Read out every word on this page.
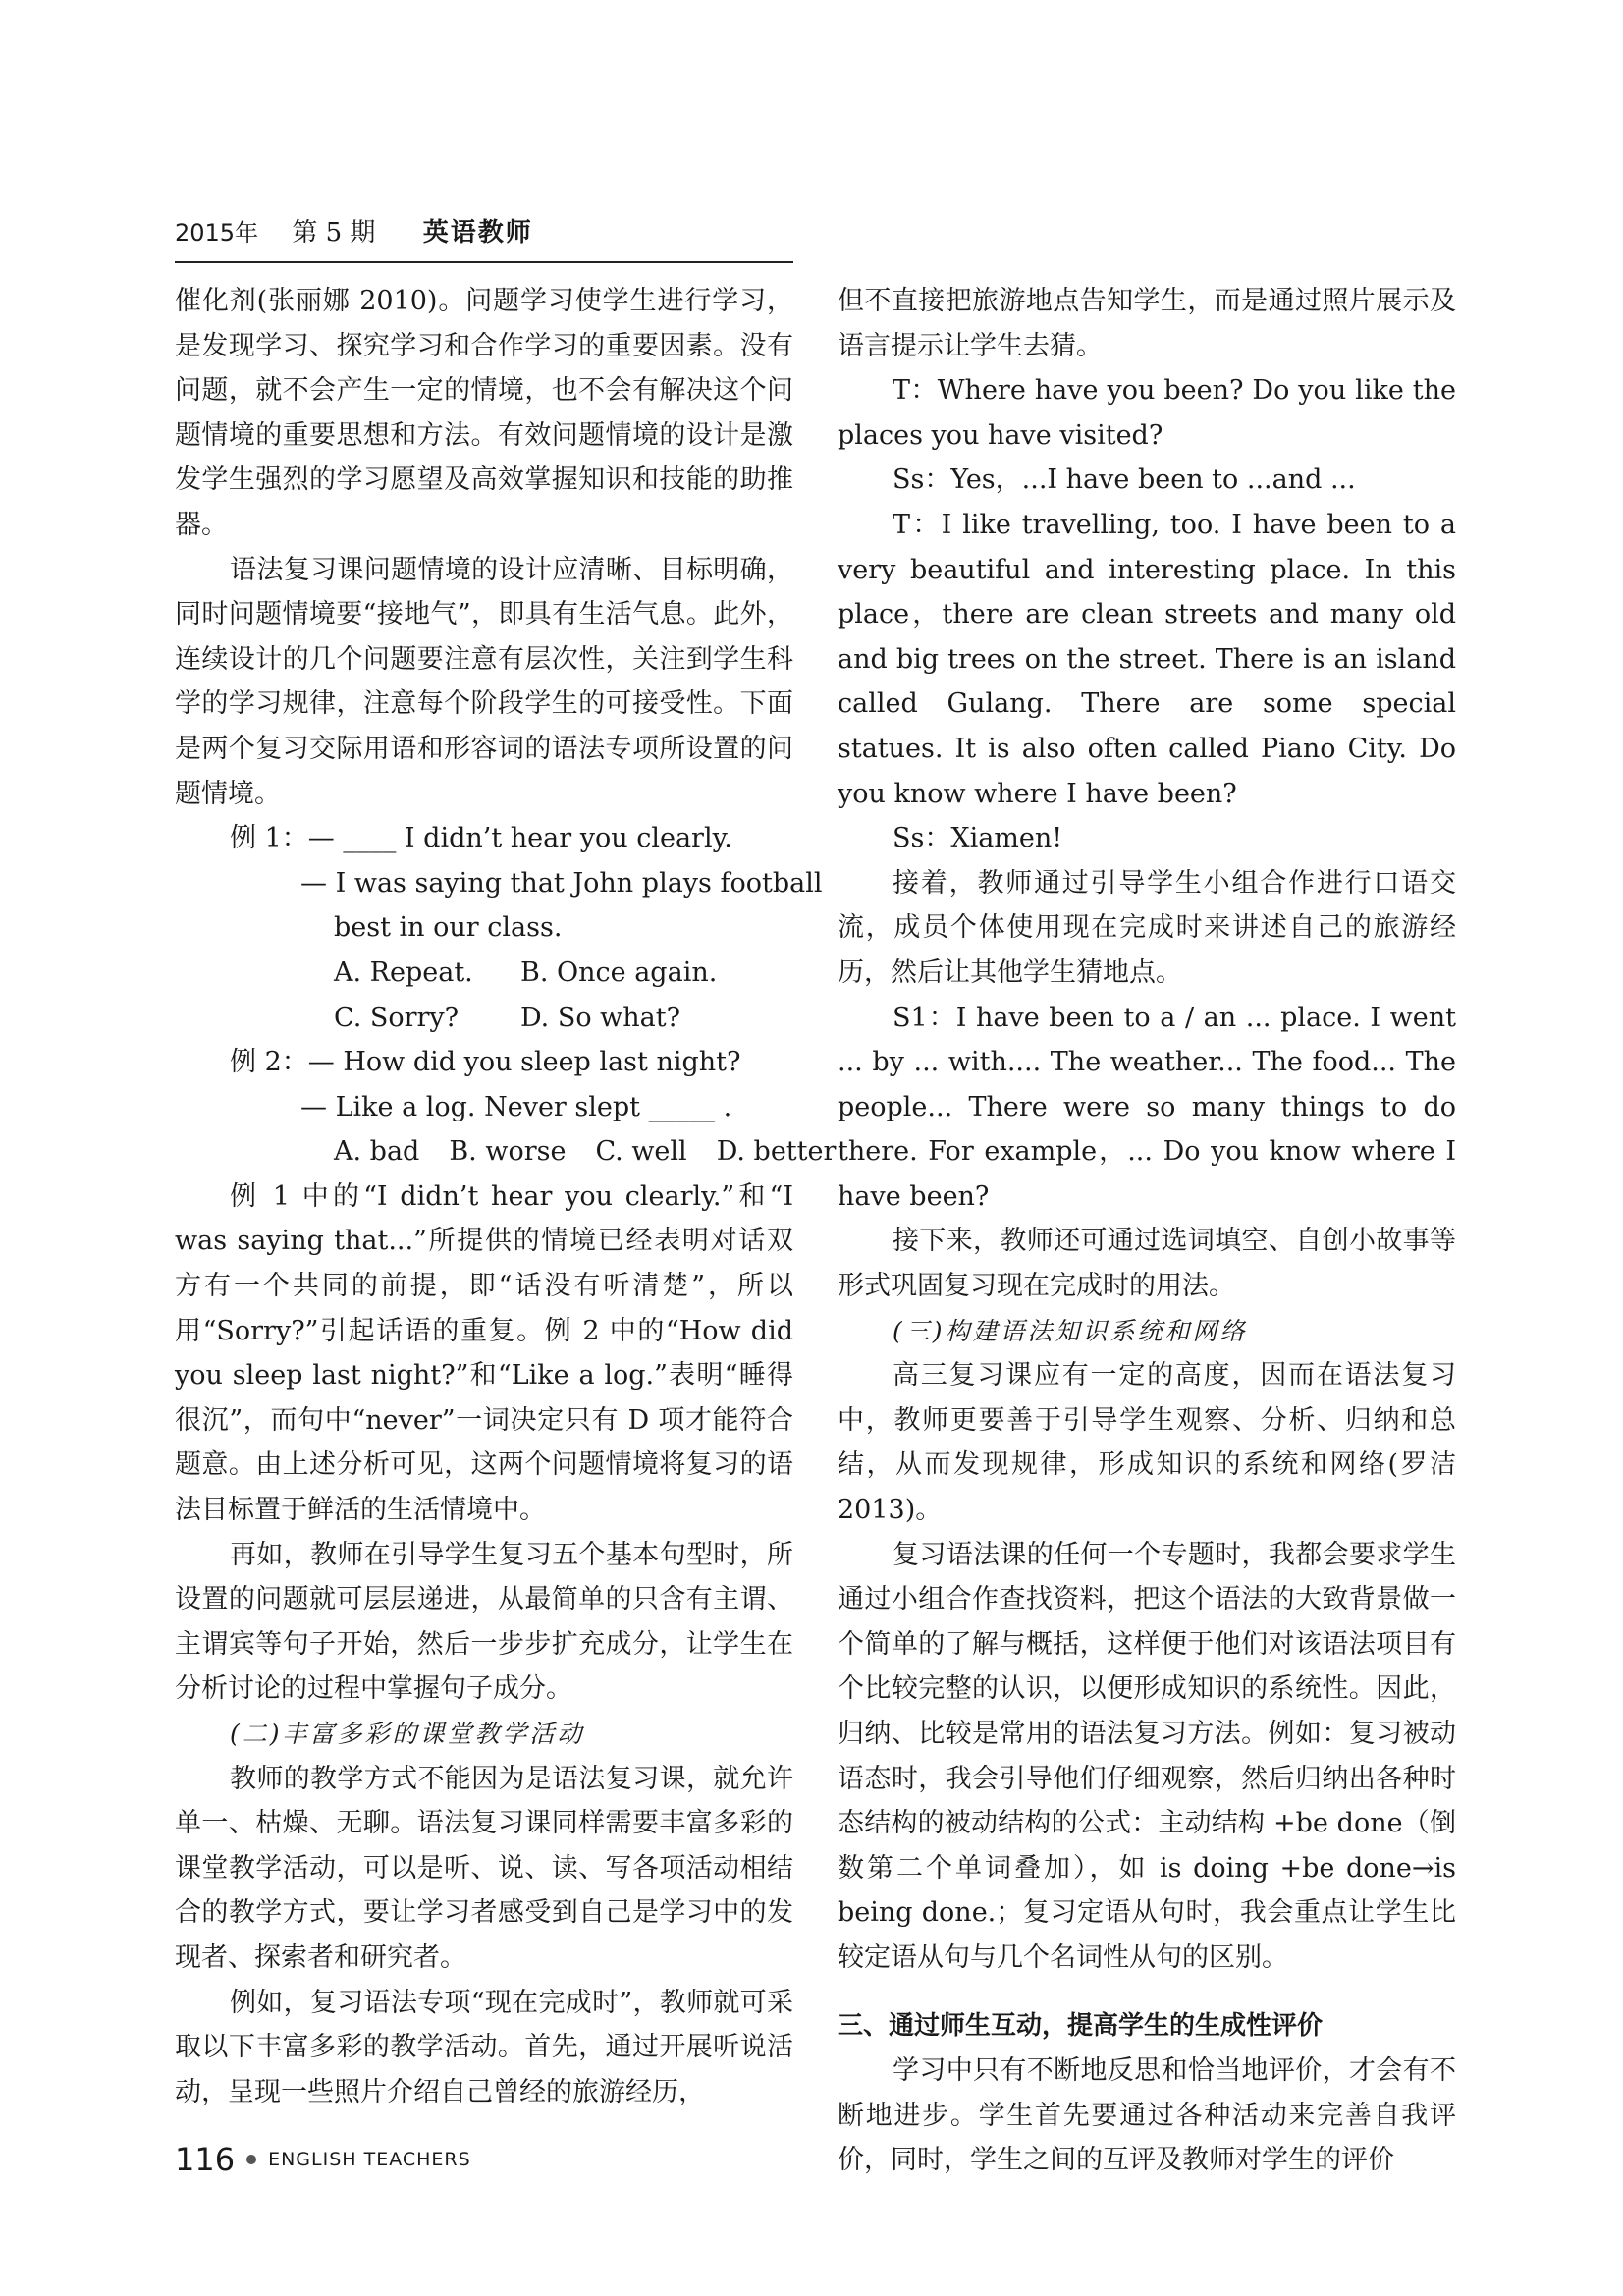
2015年 第 5 期 英语教师

催化剂(张丽娜 2010)。问题学习使学生进行学习，是发现学习、探究学习和合作学习的重要因素。没有问题，就不会产生一定的情境，也不会有解决这个问题情境的重要思想和方法。有效问题情境的设计是激发学生强烈的学习愿望及高效掌握知识和技能的助推器。

语法复习课问题情境的设计应清晰、目标明确，同时问题情境要“接地气”，即具有生活气息。此外，连续设计的几个问题要注意有层次性，关注到学生科学的学习规律，注意每个阶段学生的可接受性。下面是两个复习交际用语和形容词的语法专项所设置的问题情境。

例 1：— ____ I didn’t hear you clearly.

— I was saying that John plays football

best in our class.

A. Repeat. B. Once again.

C. Sorry? D. So what?

例 2：— How did you sleep last night?

— Like a log. Never slept _____ .

A. bad B. worse C. well D. better

例 1 中的“I didn’t hear you clearly.”和“I was saying that...”所提供的情境已经表明对话双方有一个共同的前提，即“话没有听清楚”，所以用“Sorry?”引起话语的重复。例 2 中的“How did you sleep last night?”和“Like a log.”表明“睡得很沉”，而句中“never”一词决定只有 D 项才能符合题意。由上述分析可见，这两个问题情境将复习的语法目标置于鲜活的生活情境中。

再如，教师在引导学生复习五个基本句型时，所设置的问题就可层层递进，从最简单的只含有主谓、主谓宾等句子开始，然后一步步扩充成分，让学生在分析讨论的过程中掌握句子成分。

(二)丰富多彩的课堂教学活动

教师的教学方式不能因为是语法复习课，就允许单一、枯燥、无聊。语法复习课同样需要丰富多彩的课堂教学活动，可以是听、说、读、写各项活动相结合的教学方式，要让学习者感受到自己是学习中的发现者、探索者和研究者。

例如，复习语法专项“现在完成时”，教师就可采取以下丰富多彩的教学活动。首先，通过开展听说活动，呈现一些照片介绍自己曾经的旅游经历，

但不直接把旅游地点告知学生，而是通过照片展示及语言提示让学生去猜。

T：Where have you been? Do you like the places you have visited?

Ss：Yes，...I have been to ...and ...

T：I like travelling, too. I have been to a very beautiful and interesting place. In this place，there are clean streets and many old and big trees on the street. There is an island called Gulang. There are some special statues. It is also often called Piano City. Do you know where I have been?

Ss：Xiamen!

接着，教师通过引导学生小组合作进行口语交流，成员个体使用现在完成时来讲述自己的旅游经历，然后让其他学生猜地点。

S1：I have been to a / an ... place. I went ... by ... with.... The weather... The food... The people... There were so many things to do there. For example，... Do you know where I have been?

接下来，教师还可通过选词填空、自创小故事等形式巩固复习现在完成时的用法。

(三)构建语法知识系统和网络

高三复习课应有一定的高度，因而在语法复习中，教师更要善于引导学生观察、分析、归纳和总结，从而发现规律，形成知识的系统和网络(罗洁 2013)。

复习语法课的任何一个专题时，我都会要求学生通过小组合作查找资料，把这个语法的大致背景做一个简单的了解与概括，这样便于他们对该语法项目有个比较完整的认识，以便形成知识的系统性。因此，归纳、比较是常用的语法复习方法。例如：复习被动语态时，我会引导他们仔细观察，然后归纳出各种时态结构的被动结构的公式：主动结构 +be done（倒数第二个单词叠加），如 is doing +be done→is being done.；复习定语从句时，我会重点让学生比较定语从句与几个名词性从句的区别。

三、通过师生互动，提高学生的生成性评价

学习中只有不断地反思和恰当地评价，才会有不断地进步。学生首先要通过各种活动来完善自我评价，同时，学生之间的互评及教师对学生的评价

116 ENGLISH TEACHERS
